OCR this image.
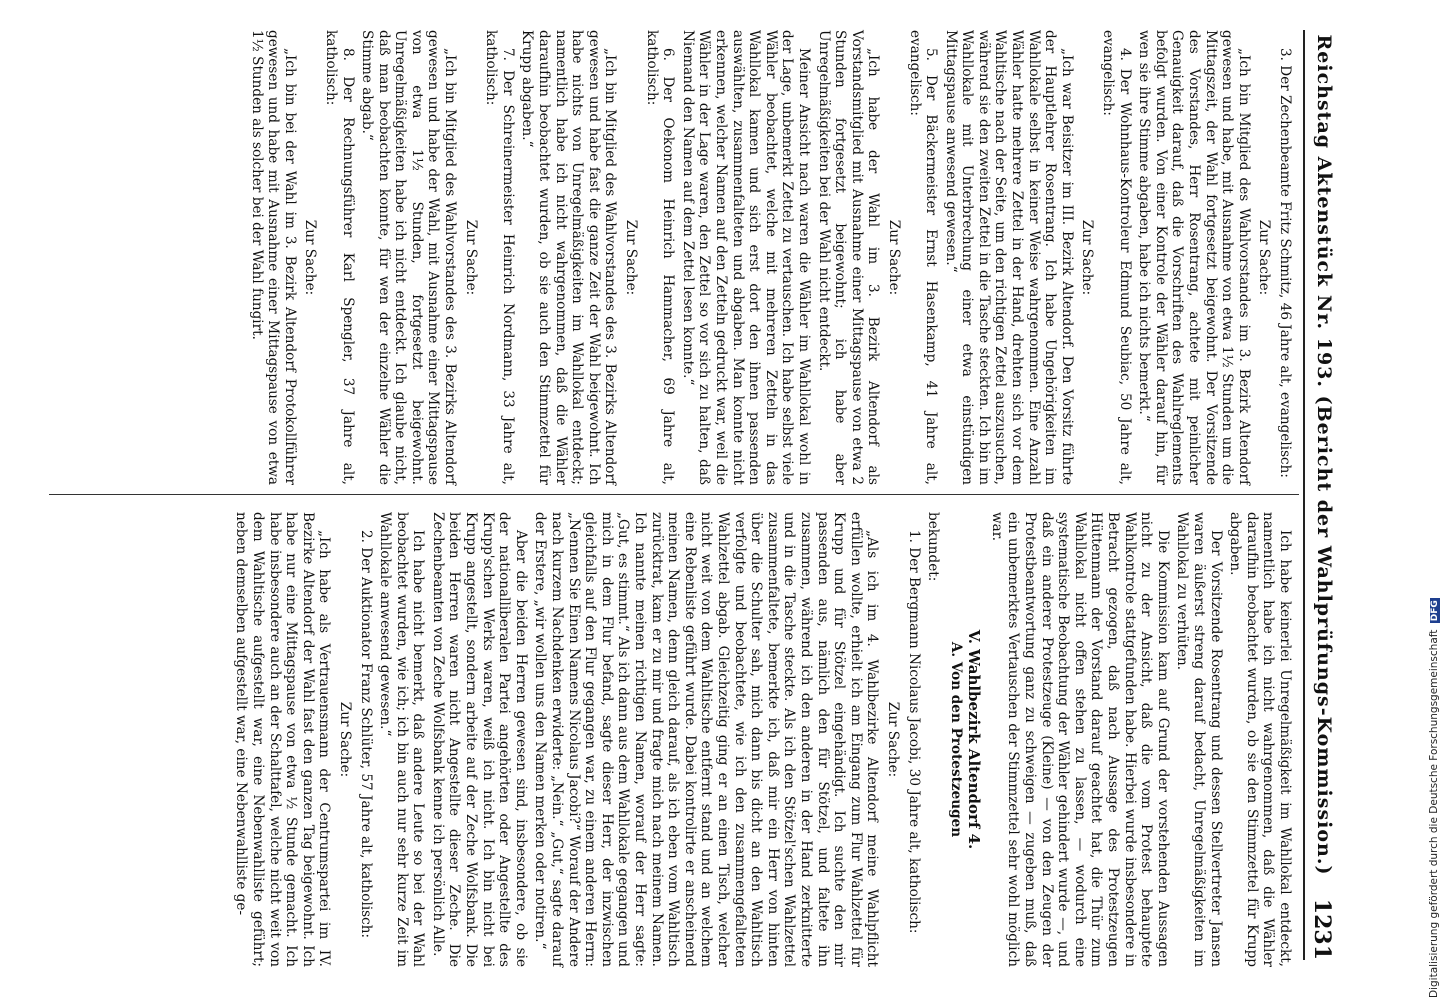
Reichstag Aktenstück Nr. 193. (Bericht der Wahlprüfungs-Kommission.)
1231

3. Der Zechenbeamte Fritz Schmitz, 46 Jahre alt, evangelisch:

Zur Sache:

„Ich bin Mitglied des Wahlvorstandes im 3. Bezirk Altendorf gewesen und habe, mit Ausnahme von etwa 1½ Stunden um die Mittagszeit, der Wahl fortgesetzt beigewohnt. Der Vorsitzende des Vorstandes, Herr Rosentrang, achtete mit peinlicher Genauigkeit darauf, daß die Vorschriften des Wahlreglements befolgt wurden. Von einer Kontrole der Wähler darauf hin, für wen sie ihre Stimme abgaben, habe ich nichts bemerkt.“

4. Der Wohnhaus-Kontroleur Edmund Seubiac, 50 Jahre alt, evangelisch:

Zur Sache:

„Ich war Beisitzer im III. Bezirk Altendorf. Den Vorsitz führte der Hauptlehrer Rosentrang. Ich habe Ungehörigkeiten im Wahllokale selbst in keiner Weise wahrgenommen. Eine Anzahl Wähler hatte mehrere Zettel in der Hand, drehten sich vor dem Wahltische nach der Seite, um den richtigen Zettel auszusuchen, während sie den zweiten Zettel in die Tasche steckten. Ich bin im Wahllokale mit Unterbrechung einer etwa einstündigen Mittagspause anwesend gewesen.“

5. Der Bäckermeister Ernst Hasenkamp, 41 Jahre alt, evangelisch:

Zur Sache:

„Ich habe der Wahl im 3. Bezirk Altendorf als Vorstandsmitglied mit Ausnahme einer Mittagspause von etwa 2 Stunden fortgesetzt beigewohnt; ich habe aber Unregelmäßigkeiten bei der Wahl nicht entdeckt.

Meiner Ansicht nach waren die Wähler im Wahllokal wohl in der Lage, unbemerkt Zettel zu vertauschen. Ich habe selbst viele Wähler beobachtet, welche mit mehreren Zetteln in das Wahllokal kamen und sich erst dort den ihnen passenden auswählten, zusammenfalteten und abgaben. Man konnte nicht erkennen, welcher Namen auf den Zetteln gedruckt war, weil die Wähler in der Lage waren, den Zettel so vor sich zu halten, daß Niemand den Namen auf dem Zettel lesen konnte.“

6. Der Oekonom Heinrich Hammacher, 69 Jahre alt, katholisch:

Zur Sache:

„Ich bin Mitglied des Wahlvorstandes des 3. Bezirks Altendorf gewesen und habe fast die ganze Zeit der Wahl beigewohnt. Ich habe nichts von Unregelmäßigkeiten im Wahllokal entdeckt; namentlich habe ich nicht wahrgenommen, daß die Wähler daraufhin beobachtet wurden, ob sie auch den Stimmzettel für Krupp abgaben.“

7. Der Schreinermeister Heinrich Nordmann, 33 Jahre alt, katholisch:

Zur Sache:

„Ich bin Mitglied des Wahlvorstandes des 3. Bezirks Altendorf gewesen und habe der Wahl, mit Ausnahme einer Mittagspause von etwa 1½ Stunden, fortgesetzt beigewohnt. Unregelmäßigkeiten habe ich nicht entdeckt. Ich glaube nicht, daß man beobachten konnte, für wen der einzelne Wähler die Stimme abgab.“

8. Der Rechnungsführer Karl Spengler, 37 Jahre alt, katholisch:

Zur Sache:

„Ich bin bei der Wahl im 3. Bezirk Altendorf Protokollführer gewesen und habe mit Ausnahme einer Mittagspause von etwa 1½ Stunden als solcher bei der Wahl fungirt.

Ich habe keinerlei Unregelmäßigkeit im Wahllokal entdeckt, namentlich habe ich nicht wahrgenommen, daß die Wähler daraufhin beobachtet wurden, ob sie den Stimmzettel für Krupp abgaben.

Der Vorsitzende Rosentrang und dessen Stellvertreter Jansen waren äußerst streng darauf bedacht, Unregelmäßigkeiten im Wahllokal zu verhüten.

Die Kommission kam auf Grund der vorstehenden Aussagen nicht zu der Ansicht, daß die vom Protest behauptete Wahlkontrole stattgefunden habe. Hierbei wurde insbesondere in Betracht gezogen, daß nach Aussage des Protestzeugen Hüttenmann der Vorstand darauf geachtet hat, die Thür zum Wahllokal nicht offen stehen zu lassen, — wodurch eine systematische Beobachtung der Wähler gehindert wurde —, und daß ein anderer Protestzeuge (Kleine) — von den Zeugen der Protestbeantwortung ganz zu schweigen — zugeben muß, daß ein unbemerktes Vertauschen der Stimmzettel sehr wohl möglich war.

V. Wahlbezirk Altendorf 4.

A. Von den Protestzeugen

bekundet:

1. Der Bergmann Nicolaus Jacobi, 30 Jahre alt, katholisch:

Zur Sache:

„Als ich im 4. Wahlbezirke Altendorf meine Wahlpflicht erfüllen wollte, erhielt ich am Eingang zum Flur Wahlzettel für Krupp und für Stötzel eingehändigt. Ich suchte den mir passenden aus, nämlich den für Stötzel, und faltete ihn zusammen, während ich den anderen in der Hand zerknitterte und in die Tasche steckte. Als ich den Stötzel'schen Wahlzettel zusammenfaltete, bemerkte ich, daß mir ein Herr von hinten über die Schulter sah, mich dann bis dicht an den Wahltisch verfolgte und beobachtete, wie ich den zusammengefalteten Wahlzettel abgab. Gleichzeitig ging er an einen Tisch, welcher nicht weit von dem Wahltische entfernt stand und an welchem eine Rebenliste geführt wurde. Dabei kontrolirte er anscheinend meinen Namen, denn gleich darauf, als ich eben vom Wahltisch zurücktrat, kam er zu mir und fragte mich nach meinem Namen. Ich nannte meinen richtigen Namen, worauf der Herr sagte: „Gut, es stimmt.“ Als ich dann aus dem Wahllokale gegangen und mich in dem Flur befand, sagte dieser Herr, der inzwischen gleichfalls auf den Flur gegangen war, zu einem anderen Herrn: „Nennen Sie Einen Namens Nicolaus Jacobi?“ Worauf der Andere nach kurzem Nachdenken erwiderte: „Nein.“ „Gut,“ sagte darauf der Erstere, „wir wollen uns den Namen merken oder notiren.“

Aber die beiden Herren gewesen sind, insbesondere, ob sie der nationalliberalen Partei angehörten oder Angestellte des Krupp'schen Werks waren, weiß ich nicht. Ich bin nicht bei Krupp angestellt, sondern arbeite auf der Zeche Wolfsbank. Die beiden Herren waren nicht Angestellte dieser Zeche. Die Zechenbeamten von Zeche Wolfsbank kenne ich persönlich Alle.

Ich habe nicht bemerkt, daß andere Leute so bei der Wahl beobachtet wurden, wie ich; ich bin auch nur sehr kurze Zeit im Wahllokale anwesend gewesen.“

2. Der Auktionator Franz Schlüter, 57 Jahre alt, katholisch:

Zur Sache:

„Ich habe als Vertrauensmann der Centrumspartei im IV. Bezirke Altendorf der Wahl fast den ganzen Tag beigewohnt. Ich habe nur eine Mittagspause von etwa ½ Stunde gemacht. Ich habe insbesondere auch an der Schalttafel, welche nicht weit von dem Wahltische aufgestellt war, eine Nebenwahlliste geführt; neben demselben aufgestellt war, eine Nebenwahlliste ge-	Digitalisierung gefördert durch die Deutsche Forschungsgemeinschaft DFG
